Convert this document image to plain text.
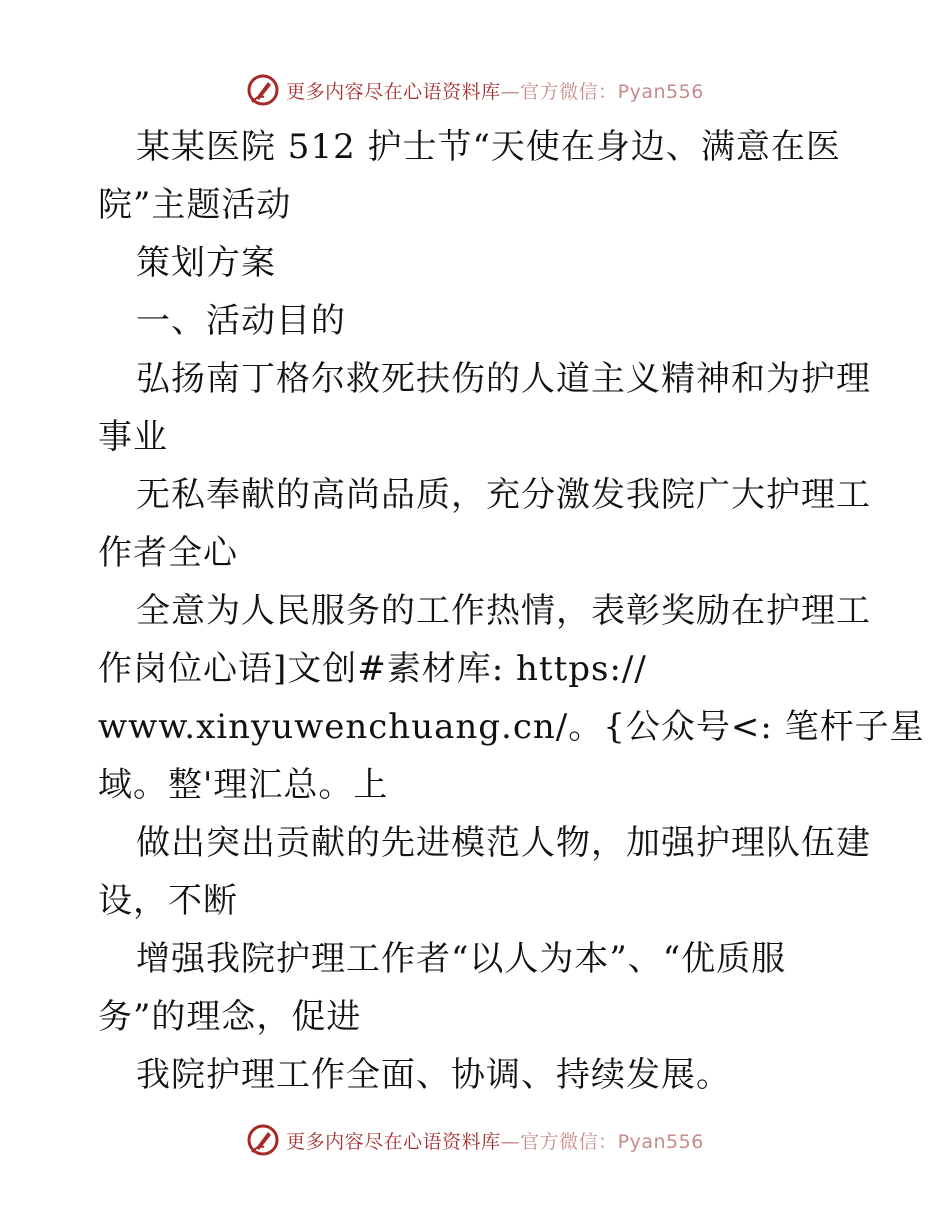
更多内容尽在心语资料库—官方微信：Pyan556
某某医院 512 护士节“天使在身边、满意在医
院”主题活动
策划方案
一、活动目的
弘扬南丁格尔救死扶伤的人道主义精神和为护理
事业
无私奉献的高尚品质，充分激发我院广大护理工
作者全心
全意为人民服务的工作热情，表彰奖励在护理工
作岗位心语]文创#素材库: https://
www.xinyuwenchuang.cn/。{公众号<: 笔杆子星
域。整'理汇总。上
做出突出贡献的先进模范人物，加强护理队伍建
设，不断
增强我院护理工作者“以人为本”、“优质服
务”的理念，促进
我院护理工作全面、协调、持续发展。
更多内容尽在心语资料库—官方微信：Pyan556
